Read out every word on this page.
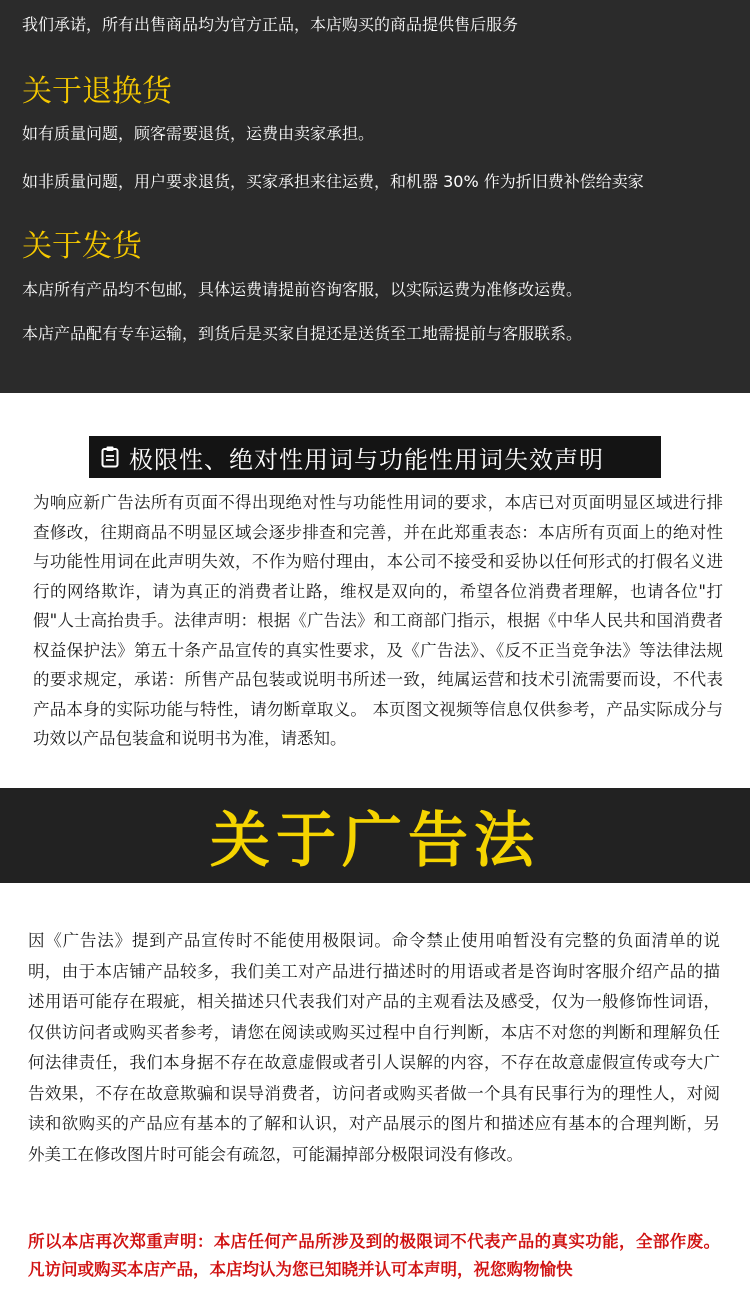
我们承诺，所有出售商品均为官方正品，本店购买的商品提供售后服务
关于退换货
如有质量问题，顾客需要退货，运费由卖家承担。
如非质量问题，用户要求退货，买家承担来往运费，和机器 30% 作为折旧费补偿给卖家
关于发货
本店所有产品均不包邮，具体运费请提前咨询客服，以实际运费为准修改运费。
本店产品配有专车运输，到货后是买家自提还是送货至工地需提前与客服联系。
极限性、绝对性用词与功能性用词失效声明
为响应新广告法所有页面不得出现绝对性与功能性用词的要求，本店已对页面明显区域进行排查修改，往期商品不明显区域会逐步排查和完善，并在此郑重表态：本店所有页面上的绝对性与功能性用词在此声明失效，不作为赔付理由，本公司不接受和妥协以任何形式的打假名义进行的网络欺诈，请为真正的消费者让路，维权是双向的，希望各位消费者理解，也请各位"打假"人士高抬贵手。法律声明：根据《广告法》和工商部门指示，根据《中华人民共和国消费者权益保护法》第五十条产品宣传的真实性要求，及《广告法》、《反不正当竞争法》等法律法规的要求规定，承诺：所售产品包装或说明书所述一致，纯属运营和技术引流需要而设，不代表产品本身的实际功能与特性，请勿断章取义。 本页图文视频等信息仅供参考，产品实际成分与功效以产品包装盒和说明书为准，请悉知。
关于广告法
因《广告法》提到产品宣传时不能使用极限词。命令禁止使用咱暂没有完整的负面清单的说明，由于本店铺产品较多，我们美工对产品进行描述时的用语或者是咨询时客服介绍产品的描述用语可能存在瑕疵，相关描述只代表我们对产品的主观看法及感受，仅为一般修饰性词语，仅供访问者或购买者参考，请您在阅读或购买过程中自行判断，本店不对您的判断和理解负任何法律责任，我们本身据不存在故意虚假或者引人误解的内容，不存在故意虚假宣传或夸大广告效果，不存在故意欺骗和误导消费者，访问者或购买者做一个具有民事行为的理性人，对阅读和欲购买的产品应有基本的了解和认识，对产品展示的图片和描述应有基本的合理判断，另外美工在修改图片时可能会有疏忽，可能漏掉部分极限词没有修改。
所以本店再次郑重声明：本店任何产品所涉及到的极限词不代表产品的真实功能，全部作废。凡访问或购买本店产品，本店均认为您已知晓并认可本声明，祝您购物愉快
